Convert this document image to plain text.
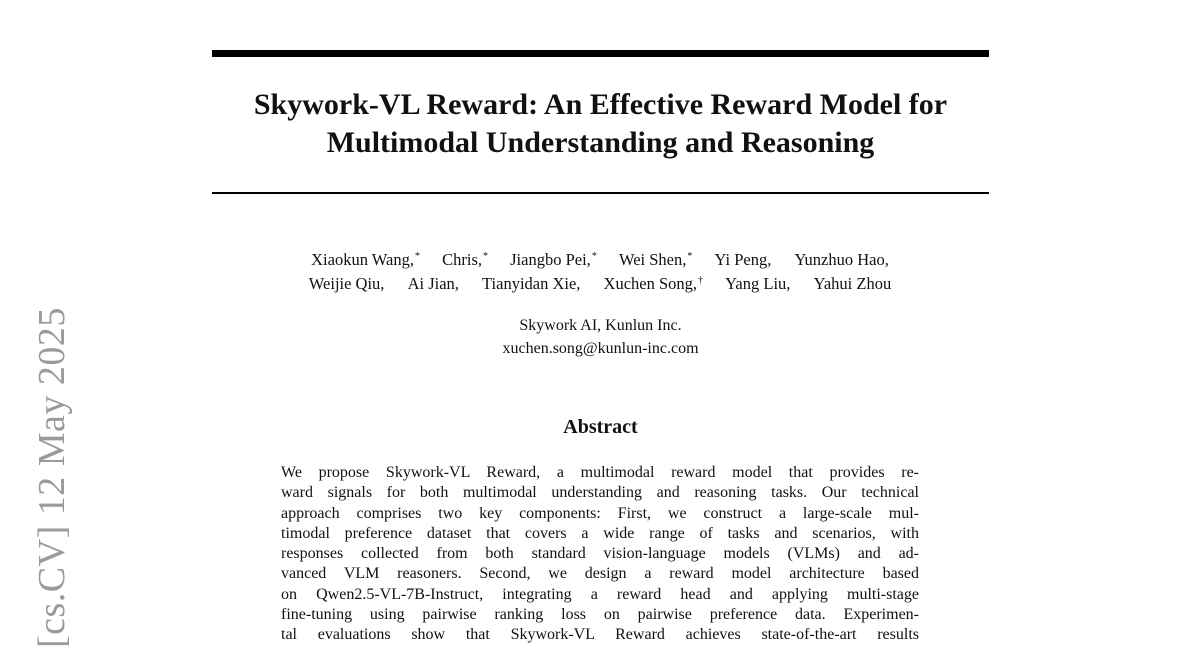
Skywork-VL Reward: An Effective Reward Model for
Multimodal Understanding and Reasoning
Xiaokun Wang,* Chris,* Jiangbo Pei,* Wei Shen,* Yi Peng, Yunzhuo Hao,
Weijie Qiu, Ai Jian, Tianyidan Xie, Xuchen Song,† Yang Liu, Yahui Zhou
Skywork AI, Kunlun Inc.
xuchen.song@kunlun-inc.com
Abstract
We propose Skywork-VL Reward, a multimodal reward model that provides re-
ward signals for both multimodal understanding and reasoning tasks. Our technical
approach comprises two key components: First, we construct a large-scale mul-
timodal preference dataset that covers a wide range of tasks and scenarios, with
responses collected from both standard vision-language models (VLMs) and ad-
vanced VLM reasoners. Second, we design a reward model architecture based
on Qwen2.5-VL-7B-Instruct, integrating a reward head and applying multi-stage
fine-tuning using pairwise ranking loss on pairwise preference data. Experimen-
tal evaluations show that Skywork-VL Reward achieves state-of-the-art results
[cs.CV] 12 May 2025
